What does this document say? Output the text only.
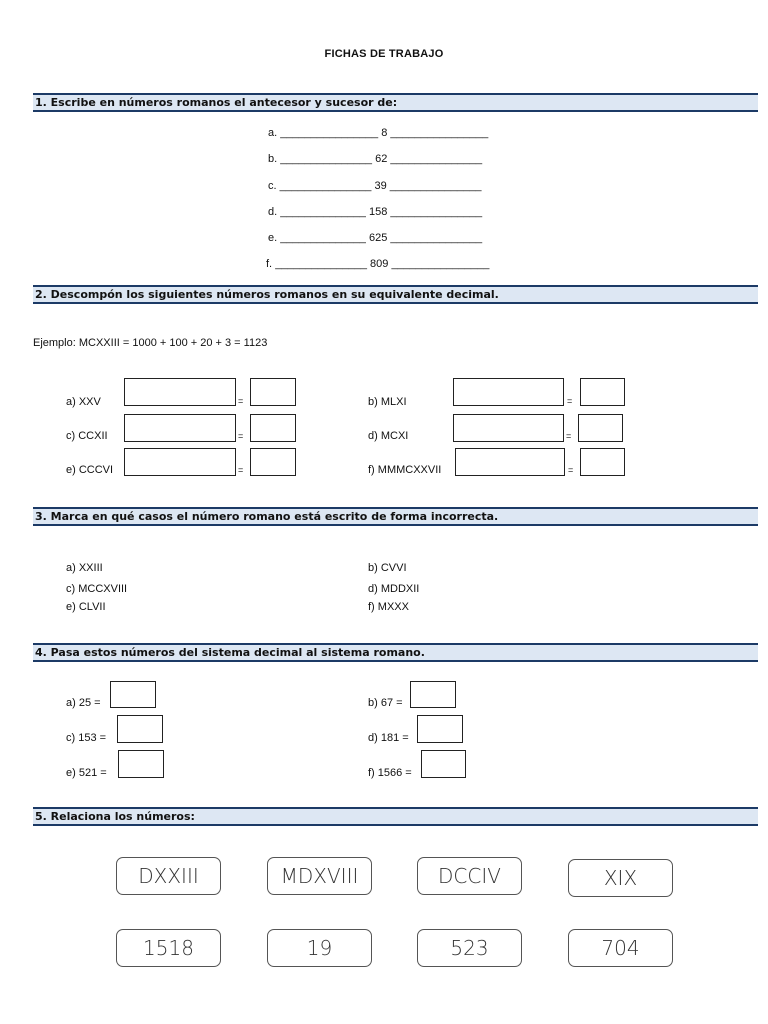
FICHAS DE TRABAJO
1. Escribe en números romanos el antecesor y sucesor de:
a. ________________ 8 ________________
b. _______________ 62 _______________
c. _______________ 39 _______________
d. ______________ 158 _______________
e. ______________ 625 _______________
f. _______________ 809 ________________
2. Descompón los siguientes números romanos en su equivalente decimal.
Ejemplo: MCXXIII = 1000 + 100 + 20 + 3 = 1123
a) XXV	=	b) MLXI	=
c) CCXII	=	d) MCXI	=
e) CCCVI	=	f) MMMCXXVII	=
3. Marca en qué casos el número romano está escrito de forma incorrecta.
a) XXIII	b) CVVI
c) MCCXVIII	d) MDDXII
e) CLVII	f) MXXX
4. Pasa estos números del sistema decimal al sistema romano.
a) 25 =	b) 67 =
c) 153 =	d) 181 =
e) 521 =	f) 1566 =
5. Relaciona los números:
DXXIII	MDXVIII	DCCIV	XIX
1518	19	523	704
